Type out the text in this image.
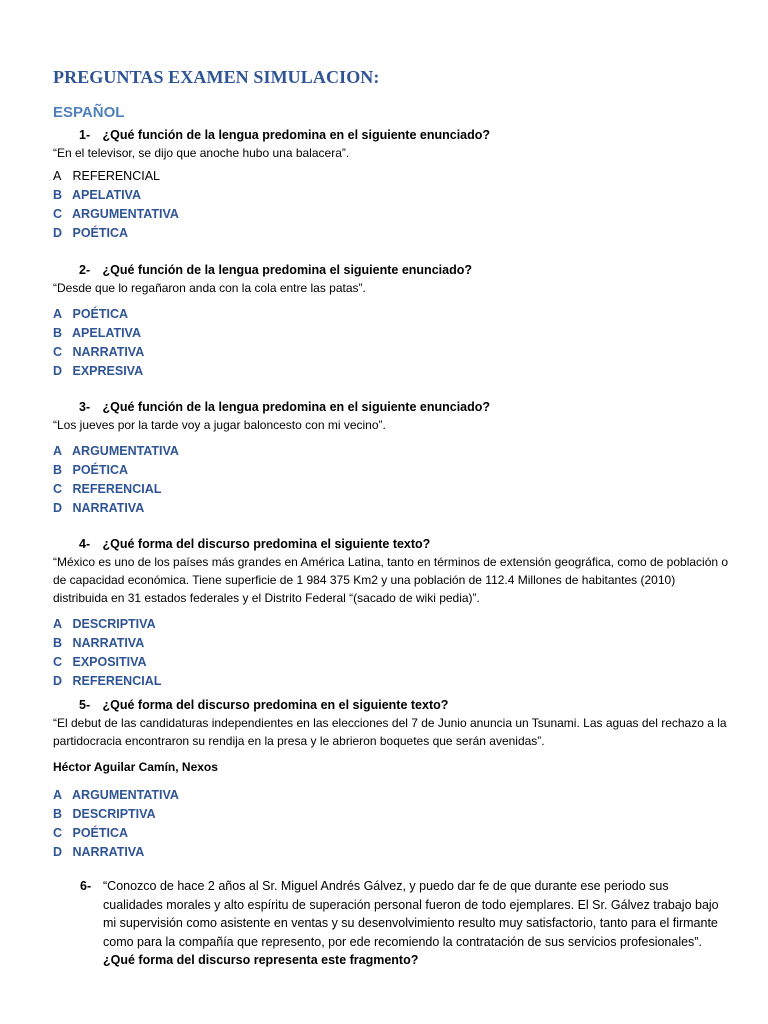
PREGUNTAS EXAMEN SIMULACION:
ESPAÑOL
1- ¿Qué función de la lengua predomina en el siguiente enunciado?
“En el televisor, se dijo que anoche hubo una balacera”.
A REFERENCIAL
B APELATIVA
C ARGUMENTATIVA
D POÉTICA
2- ¿Qué función de la lengua predomina el siguiente enunciado?
“Desde que lo regañaron anda con la cola entre las patas”.
A POÉTICA
B APELATIVA
C NARRATIVA
D EXPRESIVA
3- ¿Qué función de la lengua predomina en el siguiente enunciado?
“Los jueves por la tarde voy a jugar baloncesto con mi vecino”.
A ARGUMENTATIVA
B POÉTICA
C REFERENCIAL
D NARRATIVA
4- ¿Qué forma del discurso predomina el siguiente texto?
“México es uno de los países más grandes en América Latina, tanto en términos de extensión geográfica, como de población o de capacidad económica. Tiene superficie de 1 984 375 Km2 y una población de 112.4 Millones de habitantes (2010) distribuida en 31 estados federales y el Distrito Federal “(sacado de wiki pedia)”.
A DESCRIPTIVA
B NARRATIVA
C EXPOSITIVA
D REFERENCIAL
5- ¿Qué forma del discurso predomina en el siguiente texto?
“El debut de las candidaturas independientes en las elecciones del 7 de Junio anuncia un Tsunami. Las aguas del rechazo a la partidocracia encontraron su rendija en la presa y le abrieron boquetes que serán avenidas”.
Héctor Aguilar Camín, Nexos
A ARGUMENTATIVA
B DESCRIPTIVA
C POÉTICA
D NARRATIVA
6- “Conozco de hace 2 años al Sr. Miguel Andrés Gálvez, y puedo dar fe de que durante ese periodo sus cualidades morales y alto espíritu de superación personal fueron de todo ejemplares. El Sr. Gálvez trabajo bajo mi supervisión como asistente en ventas y su desenvolvimiento resulto muy satisfactorio, tanto para el firmante como para la compañía que represento, por ede recomiendo la contratación de sus servicios profesionales”. ¿Qué forma del discurso representa este fragmento?
